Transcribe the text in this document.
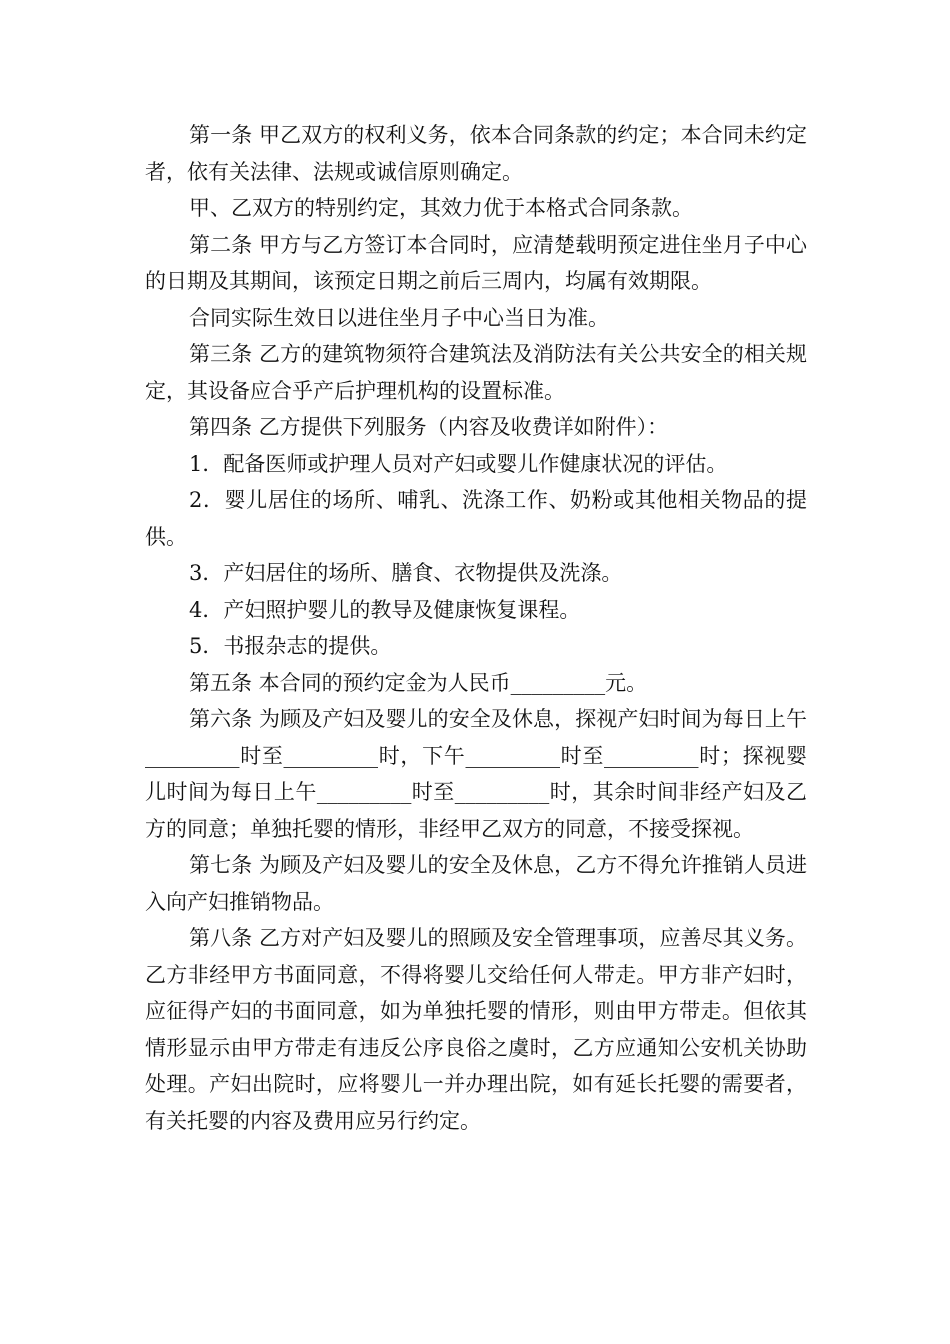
第一条 甲乙双方的权利义务，依本合同条款的约定；本合同未约定者，依有关法律、法规或诚信原则确定。

甲、乙双方的特别约定，其效力优于本格式合同条款。

第二条 甲方与乙方签订本合同时，应清楚载明预定进住坐月子中心的日期及其期间，该预定日期之前后三周内，均属有效期限。

合同实际生效日以进住坐月子中心当日为准。

第三条 乙方的建筑物须符合建筑法及消防法有关公共安全的相关规定，其设备应合乎产后护理机构的设置标准。

第四条 乙方提供下列服务（内容及收费详如附件）：

1．配备医师或护理人员对产妇或婴儿作健康状况的评估。

2．婴儿居住的场所、哺乳、洗涤工作、奶粉或其他相关物品的提供。

3．产妇居住的场所、膳食、衣物提供及洗涤。

4．产妇照护婴儿的教导及健康恢复课程。

5．书报杂志的提供。

第五条 本合同的预约定金为人民币_________元。

第六条 为顾及产妇及婴儿的安全及休息，探视产妇时间为每日上午_________时至_________时，下午_________时至_________时；探视婴儿时间为每日上午_________时至_________时，其余时间非经产妇及乙方的同意；单独托婴的情形，非经甲乙双方的同意，不接受探视。

第七条 为顾及产妇及婴儿的安全及休息，乙方不得允许推销人员进入向产妇推销物品。

第八条 乙方对产妇及婴儿的照顾及安全管理事项，应善尽其义务。乙方非经甲方书面同意，不得将婴儿交给任何人带走。甲方非产妇时，应征得产妇的书面同意，如为单独托婴的情形，则由甲方带走。但依其情形显示由甲方带走有违反公序良俗之虞时，乙方应通知公安机关协助处理。产妇出院时，应将婴儿一并办理出院，如有延长托婴的需要者，有关托婴的内容及费用应另行约定。
